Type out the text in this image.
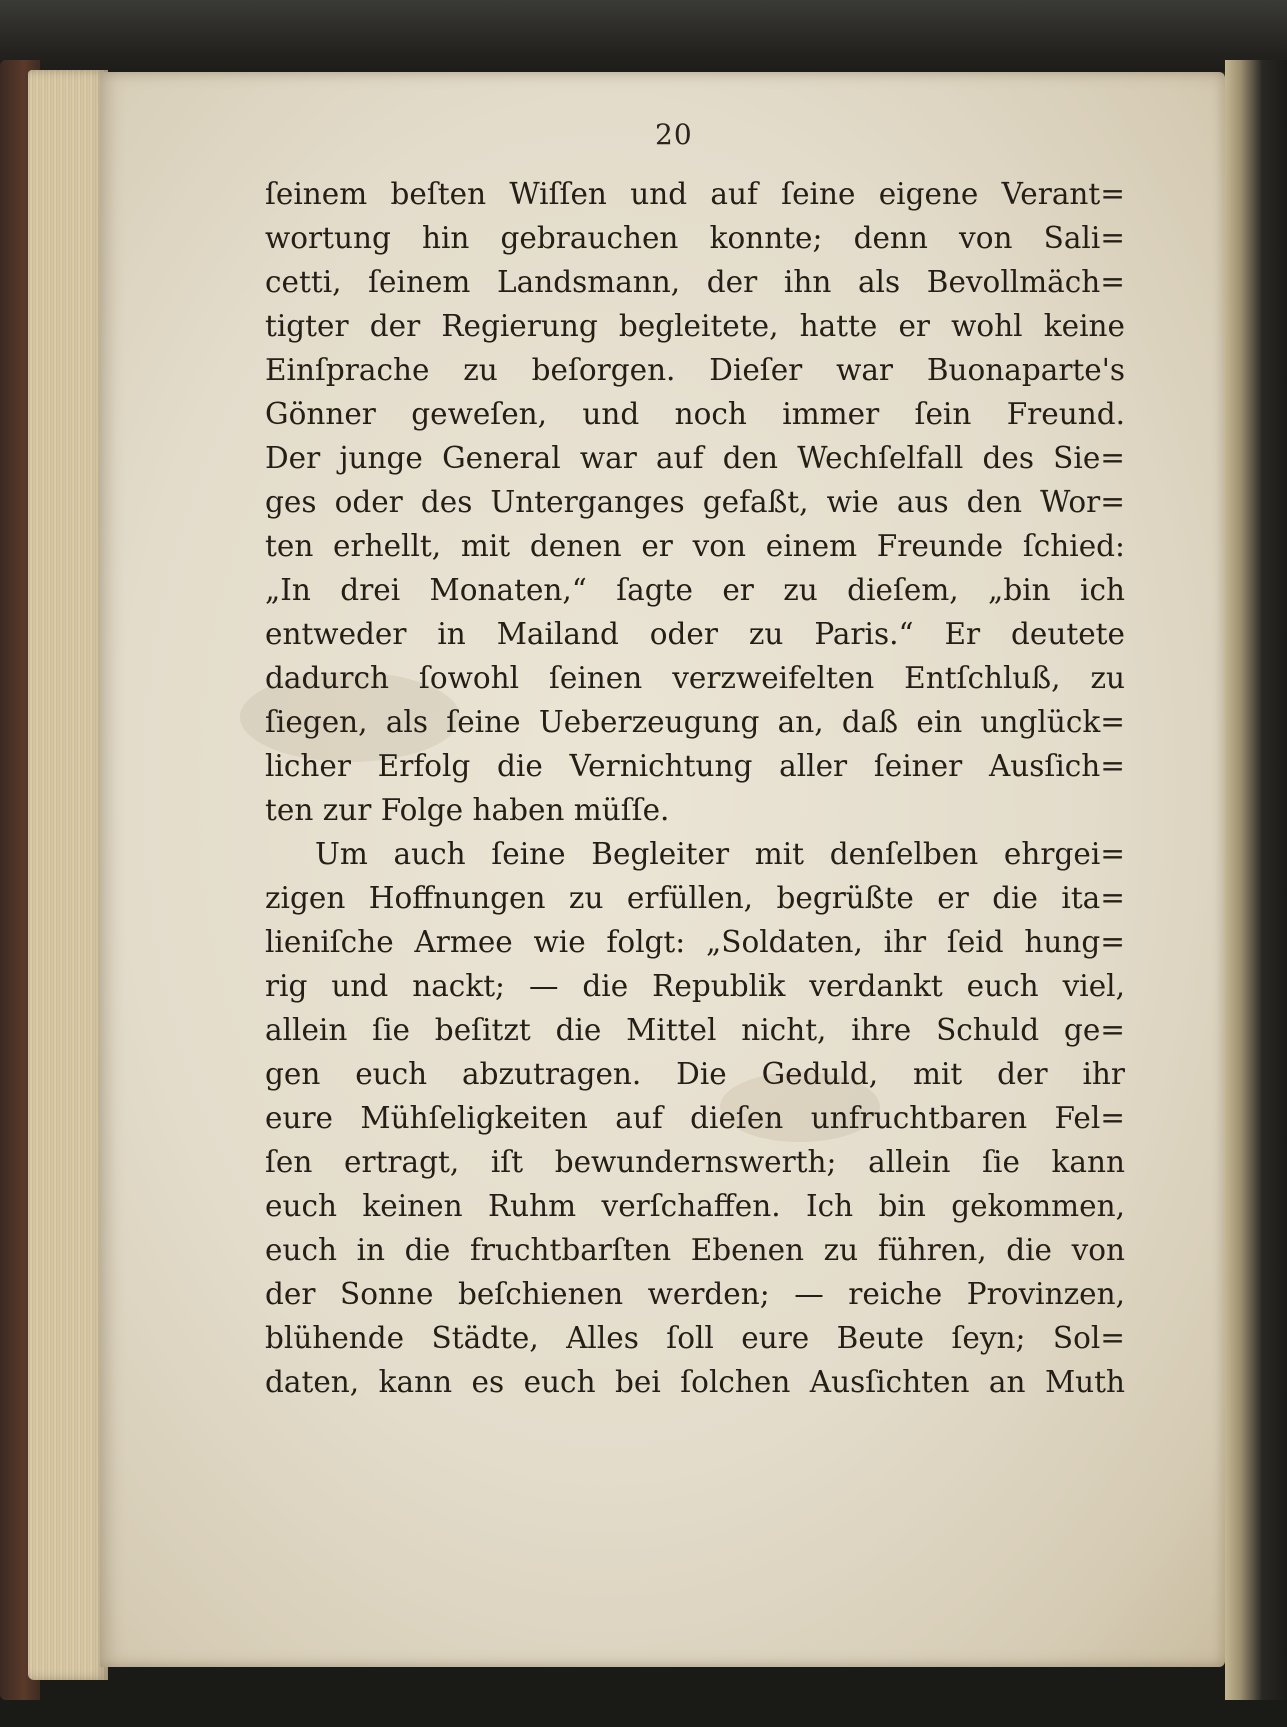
20
ſeinem beſten Wiſſen und auf ſeine eigene Verant=
wortung hin gebrauchen konnte; denn von Sali=
cetti, ſeinem Landsmann, der ihn als Bevollmäch=
tigter der Regierung begleitete, hatte er wohl keine
Einſprache zu beſorgen. Dieſer war Buonaparte's
Gönner geweſen, und noch immer ſein Freund.
Der junge General war auf den Wechſelfall des Sie=
ges oder des Unterganges gefaßt, wie aus den Wor=
ten erhellt, mit denen er von einem Freunde ſchied:
„In drei Monaten,“ ſagte er zu dieſem, „bin ich
entweder in Mailand oder zu Paris.“ Er deutete
dadurch ſowohl ſeinen verzweifelten Entſchluß, zu
ſiegen, als ſeine Ueberzeugung an, daß ein unglück=
licher Erfolg die Vernichtung aller ſeiner Ausſich=
ten zur Folge haben müſſe.
Um auch ſeine Begleiter mit denſelben ehrgei=
zigen Hoffnungen zu erfüllen, begrüßte er die ita=
lieniſche Armee wie folgt: „Soldaten, ihr ſeid hung=
rig und nackt; — die Republik verdankt euch viel,
allein ſie beſitzt die Mittel nicht, ihre Schuld ge=
gen euch abzutragen. Die Geduld, mit der ihr
eure Mühſeligkeiten auf dieſen unfruchtbaren Fel=
ſen ertragt, iſt bewundernswerth; allein ſie kann
euch keinen Ruhm verſchaffen. Ich bin gekommen,
euch in die fruchtbarſten Ebenen zu führen, die von
der Sonne beſchienen werden; — reiche Provinzen,
blühende Städte, Alles ſoll eure Beute ſeyn; Sol=
daten, kann es euch bei ſolchen Ausſichten an Muth
